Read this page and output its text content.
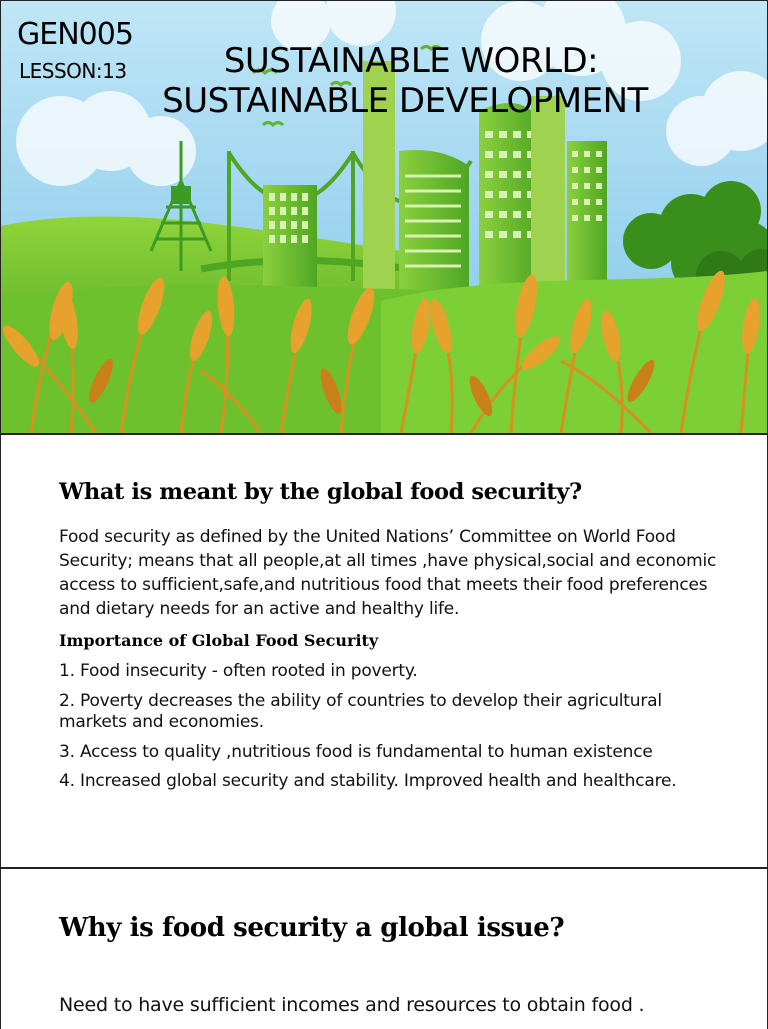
GEN005
LESSON:13	SUSTAINABLE WORLD:
SUSTAINABLE DEVELOPMENT
What is meant by the global food security?
Food security as defined by the United Nations’ Committee on World Food Security; means that all people,at all times ,have physical,social and economic access to sufficient,safe,and nutritious food that meets their food preferences and dietary needs for an active and healthy life.
Importance of Global Food Security
1. Food insecurity - often rooted in poverty.
2. Poverty decreases the ability of countries to develop their agricultural markets and economies.
3. Access to quality ,nutritious food is fundamental to human existence
4. Increased global security and stability. Improved health and healthcare.
Why is food security a global issue?
Need to have sufficient incomes and resources to obtain food .
